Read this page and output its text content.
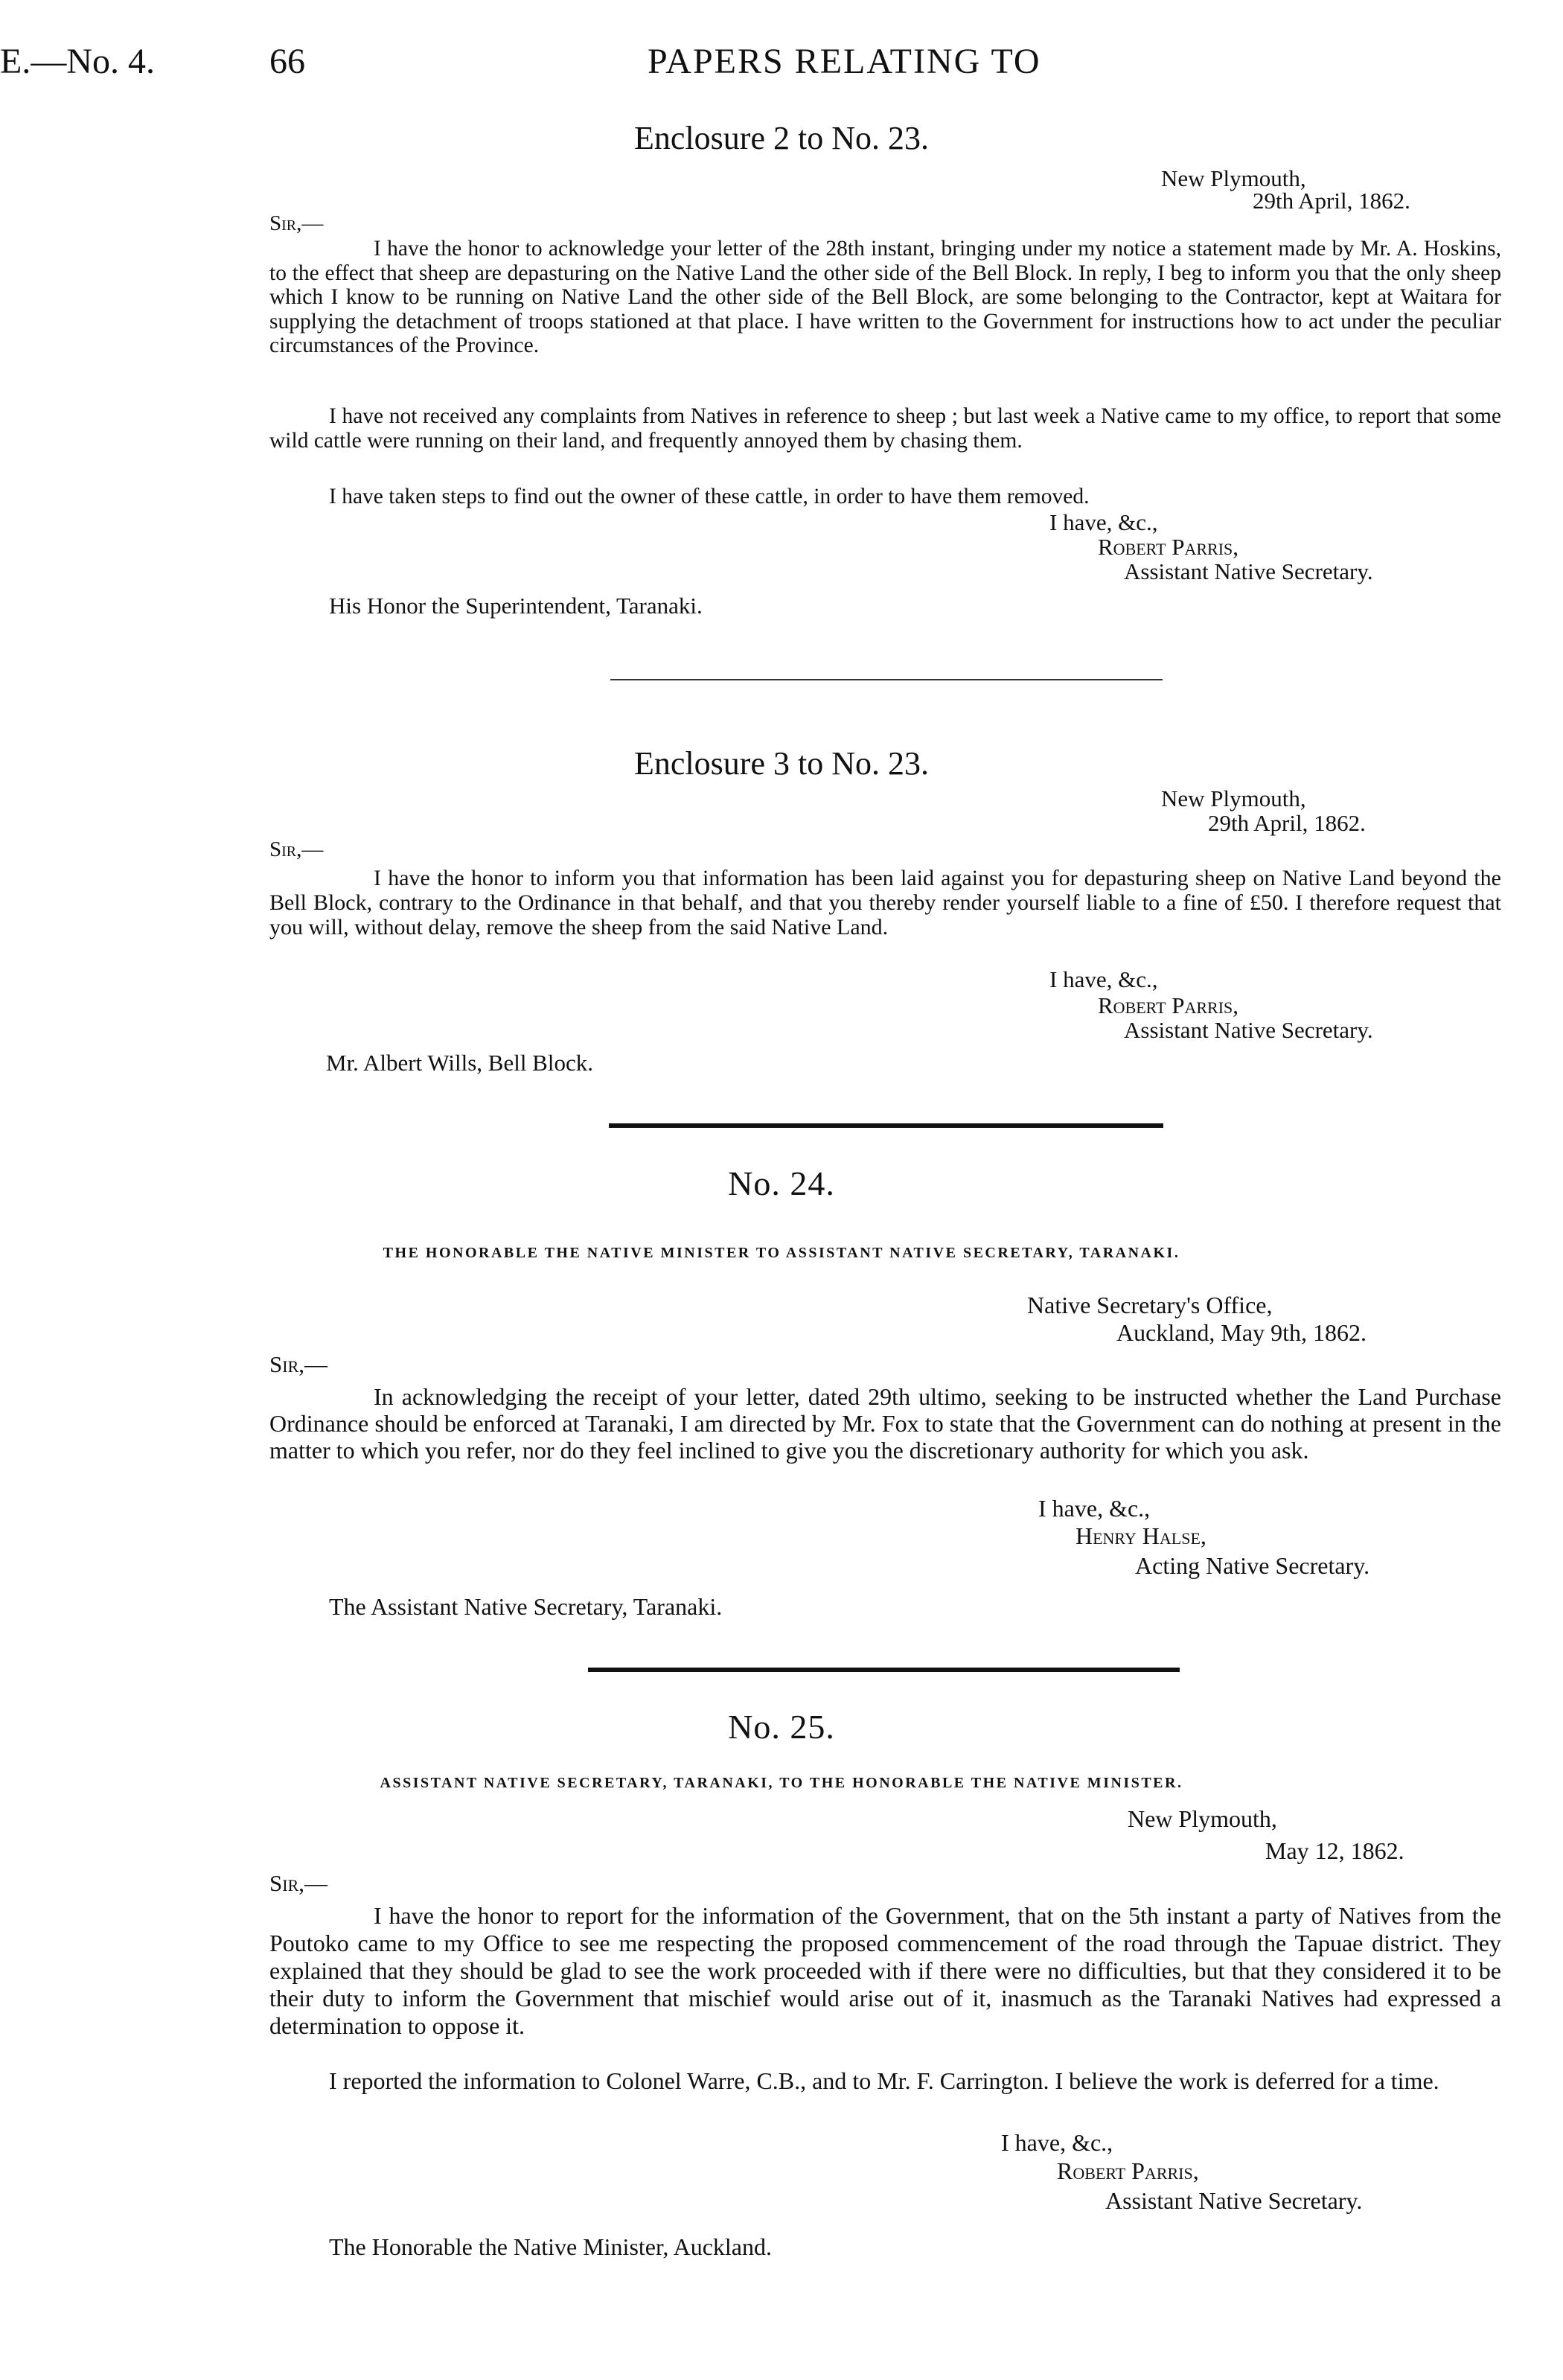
E.—No. 4.	66	PAPERS RELATING TO
Enclosure 2 to No. 23.
New Plymouth,
29th April, 1862.
Sir,—
I have the honor to acknowledge your letter of the 28th instant, bringing under my notice a statement made by Mr. A. Hoskins, to the effect that sheep are depasturing on the Native Land the other side of the Bell Block. In reply, I beg to inform you that the only sheep which I know to be running on Native Land the other side of the Bell Block, are some belonging to the Contractor, kept at Waitara for supplying the detachment of troops stationed at that place. I have written to the Government for instructions how to act under the peculiar circumstances of the Province.
I have not received any complaints from Natives in reference to sheep ; but last week a Native came to my office, to report that some wild cattle were running on their land, and frequently annoyed them by chasing them.
I have taken steps to find out the owner of these cattle, in order to have them removed.
I have, &c.,
Robert Parris,
Assistant Native Secretary.
His Honor the Superintendent, Taranaki.
Enclosure 3 to No. 23.
New Plymouth,
29th April, 1862.
Sir,—
I have the honor to inform you that information has been laid against you for depasturing sheep on Native Land beyond the Bell Block, contrary to the Ordinance in that behalf, and that you thereby render yourself liable to a fine of £50. I therefore request that you will, without delay, remove the sheep from the said Native Land.
I have, &c.,
Robert Parris,
Assistant Native Secretary.
Mr. Albert Wills, Bell Block.
No. 24.
THE HONORABLE THE NATIVE MINISTER TO ASSISTANT NATIVE SECRETARY, TARANAKI.
Native Secretary's Office,
Auckland, May 9th, 1862.
Sir,—
In acknowledging the receipt of your letter, dated 29th ultimo, seeking to be instructed whether the Land Purchase Ordinance should be enforced at Taranaki, I am directed by Mr. Fox to state that the Government can do nothing at present in the matter to which you refer, nor do they feel inclined to give you the discretionary authority for which you ask.
I have, &c.,
Henry Halse,
Acting Native Secretary.
The Assistant Native Secretary, Taranaki.
No. 25.
ASSISTANT NATIVE SECRETARY, TARANAKI, TO THE HONORABLE THE NATIVE MINISTER.
New Plymouth,
May 12, 1862.
Sir,—
I have the honor to report for the information of the Government, that on the 5th instant a party of Natives from the Poutoko came to my Office to see me respecting the proposed commencement of the road through the Tapuae district. They explained that they should be glad to see the work proceeded with if there were no difficulties, but that they considered it to be their duty to inform the Government that mischief would arise out of it, inasmuch as the Taranaki Natives had expressed a determination to oppose it.
I reported the information to Colonel Warre, C.B., and to Mr. F. Carrington. I believe the work is deferred for a time.
I have, &c.,
Robert Parris,
Assistant Native Secretary.
The Honorable the Native Minister, Auckland.
